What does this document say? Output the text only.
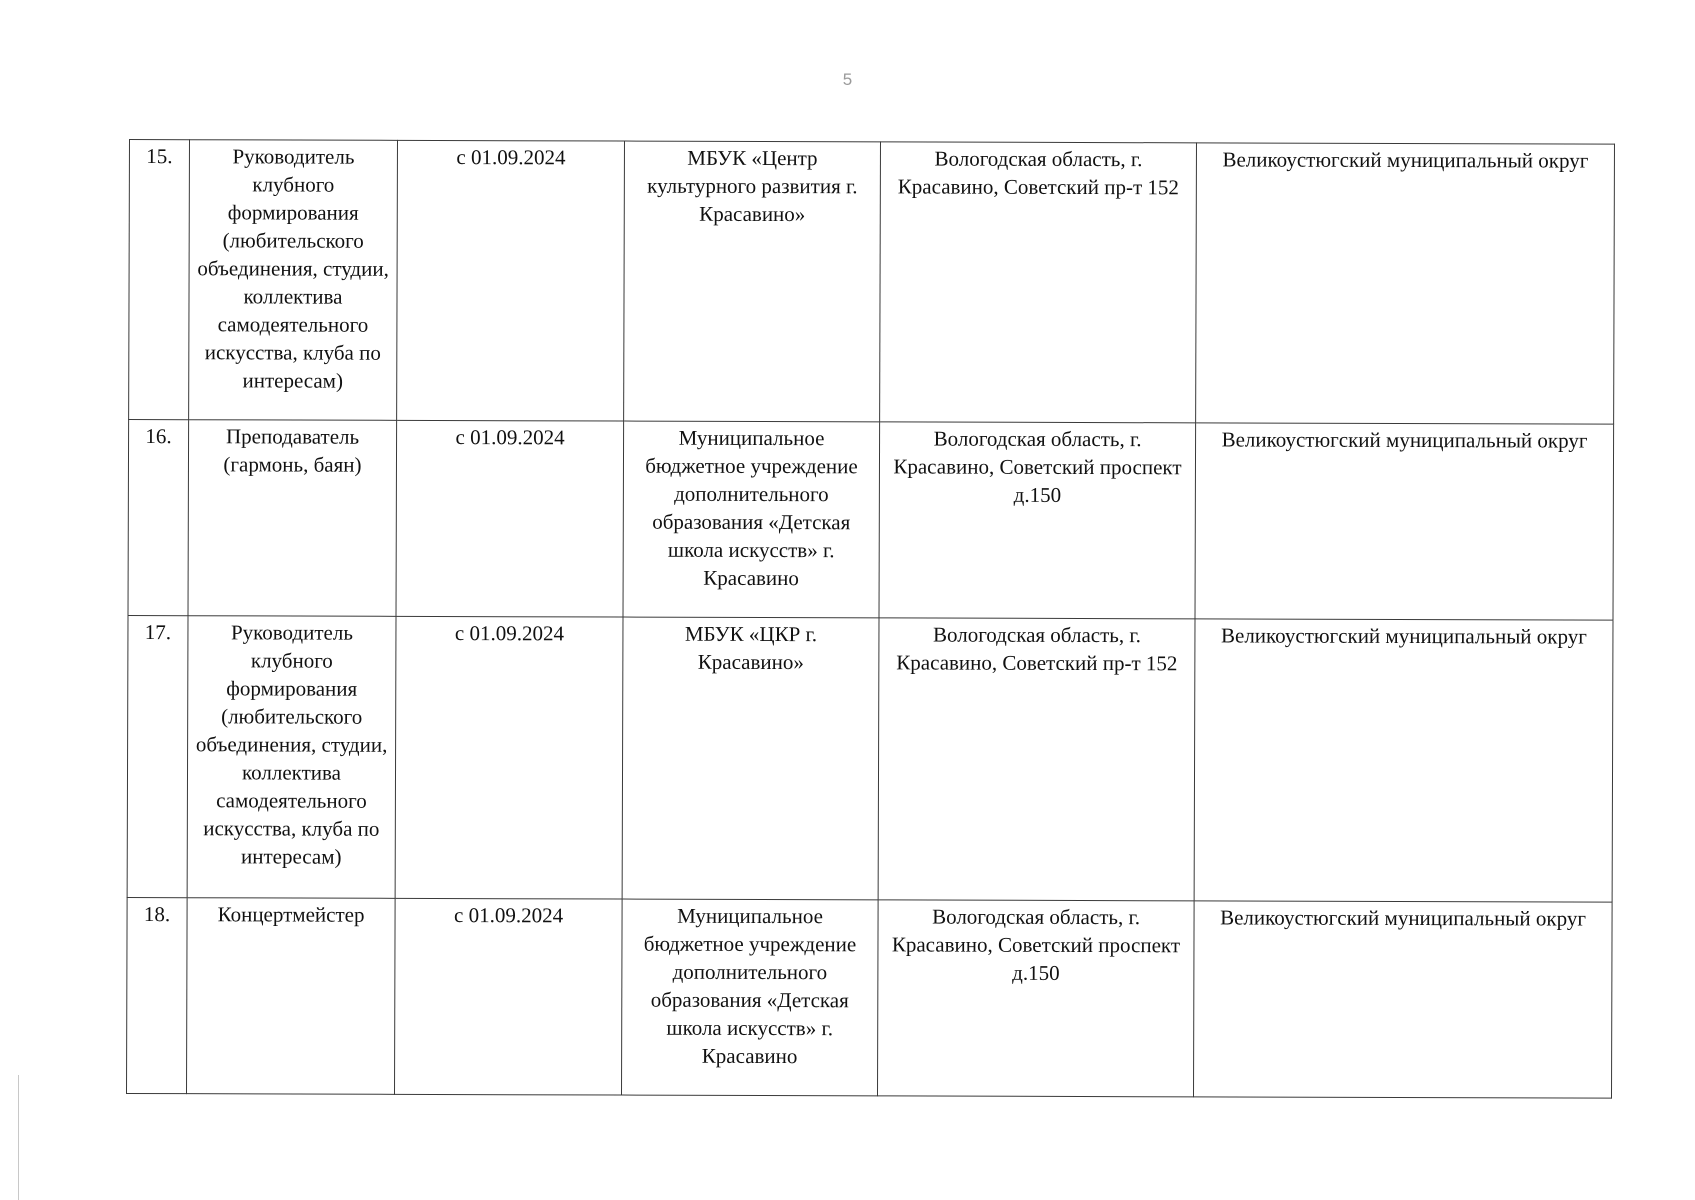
5
15.	Руководитель клубного формирования (любительского объединения, студии, коллектива самодеятельного искусства, клуба по интересам)	с 01.09.2024	МБУК «Центр культурного развития г. Красавино»	Вологодская область, г. Красавино, Советский пр-т 152	Великоустюгский муниципальный округ
16.	Преподаватель (гармонь, баян)	с 01.09.2024	Муниципальное бюджетное учреждение дополнительного образования «Детская школа искусств» г. Красавино	Вологодская область, г. Красавино, Советский проспект д.150	Великоустюгский муниципальный округ
17.	Руководитель клубного формирования (любительского объединения, студии, коллектива самодеятельного искусства, клуба по интересам)	с 01.09.2024	МБУК «ЦКР г. Красавино»	Вологодская область, г. Красавино, Советский пр-т 152	Великоустюгский муниципальный округ
18.	Концертмейстер	с 01.09.2024	Муниципальное бюджетное учреждение дополнительного образования «Детская школа искусств» г. Красавино	Вологодская область, г. Красавино, Советский проспект д.150	Великоустюгский муниципальный округ
